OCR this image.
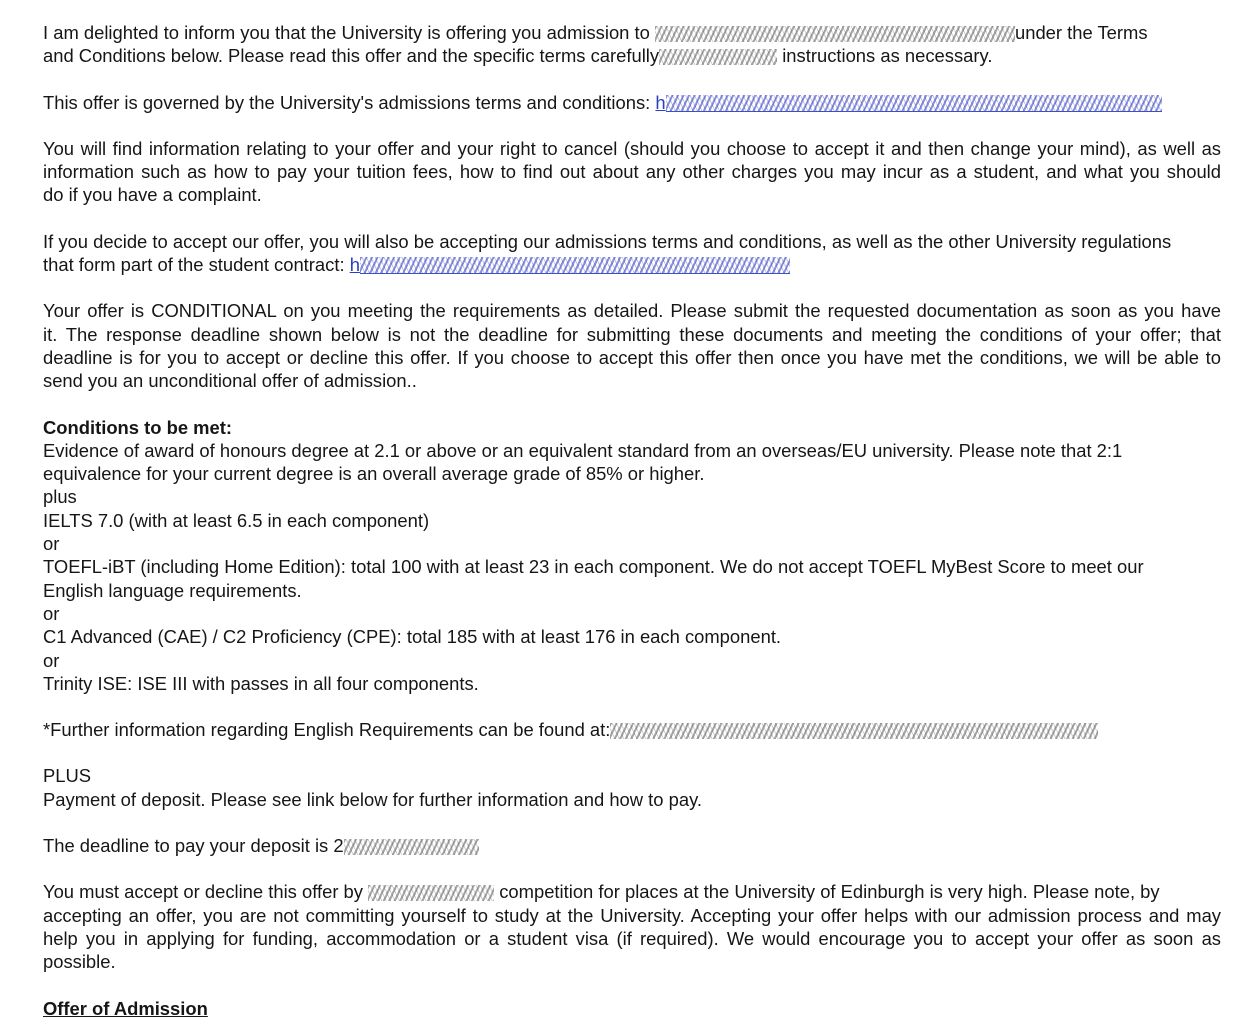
I am delighted to inform you that the University is offering you admission to	under the Terms
and Conditions below. Please read this offer and the specific terms carefully	instructions as necessary.
This offer is governed by the University's admissions terms and conditions: h
You will find information relating to your offer and your right to cancel (should you choose to accept it and then change your mind), as well as
information such as how to pay your tuition fees, how to find out about any other charges you may incur as a student, and what you should
do if you have a complaint.
If you decide to accept our offer, you will also be accepting our admissions terms and conditions, as well as the other University regulations
that form part of the student contract: h
Your offer is CONDITIONAL on you meeting the requirements as detailed. Please submit the requested documentation as soon as you have
it. The response deadline shown below is not the deadline for submitting these documents and meeting the conditions of your offer; that
deadline is for you to accept or decline this offer. If you choose to accept this offer then once you have met the conditions, we will be able to
send you an unconditional offer of admission..
Conditions to be met:
Evidence of award of honours degree at 2.1 or above or an equivalent standard from an overseas/EU university. Please note that 2:1
equivalence for your current degree is an overall average grade of 85% or higher.
plus
IELTS 7.0 (with at least 6.5 in each component)
or
TOEFL-iBT (including Home Edition): total 100 with at least 23 in each component. We do not accept TOEFL MyBest Score to meet our
English language requirements.
or
C1 Advanced (CAE) / C2 Proficiency (CPE): total 185 with at least 176 in each component.
or
Trinity ISE: ISE III with passes in all four components.
*Further information regarding English Requirements can be found at:
PLUS
Payment of deposit. Please see link below for further information and how to pay.
The deadline to pay your deposit is 2
You must accept or decline this offer by	competition for places at the University of Edinburgh is very high. Please note, by
accepting an offer, you are not committing yourself to study at the University. Accepting your offer helps with our admission process and may
help you in applying for funding, accommodation or a student visa (if required). We would encourage you to accept your offer as soon as
possible.
Offer of Admission
